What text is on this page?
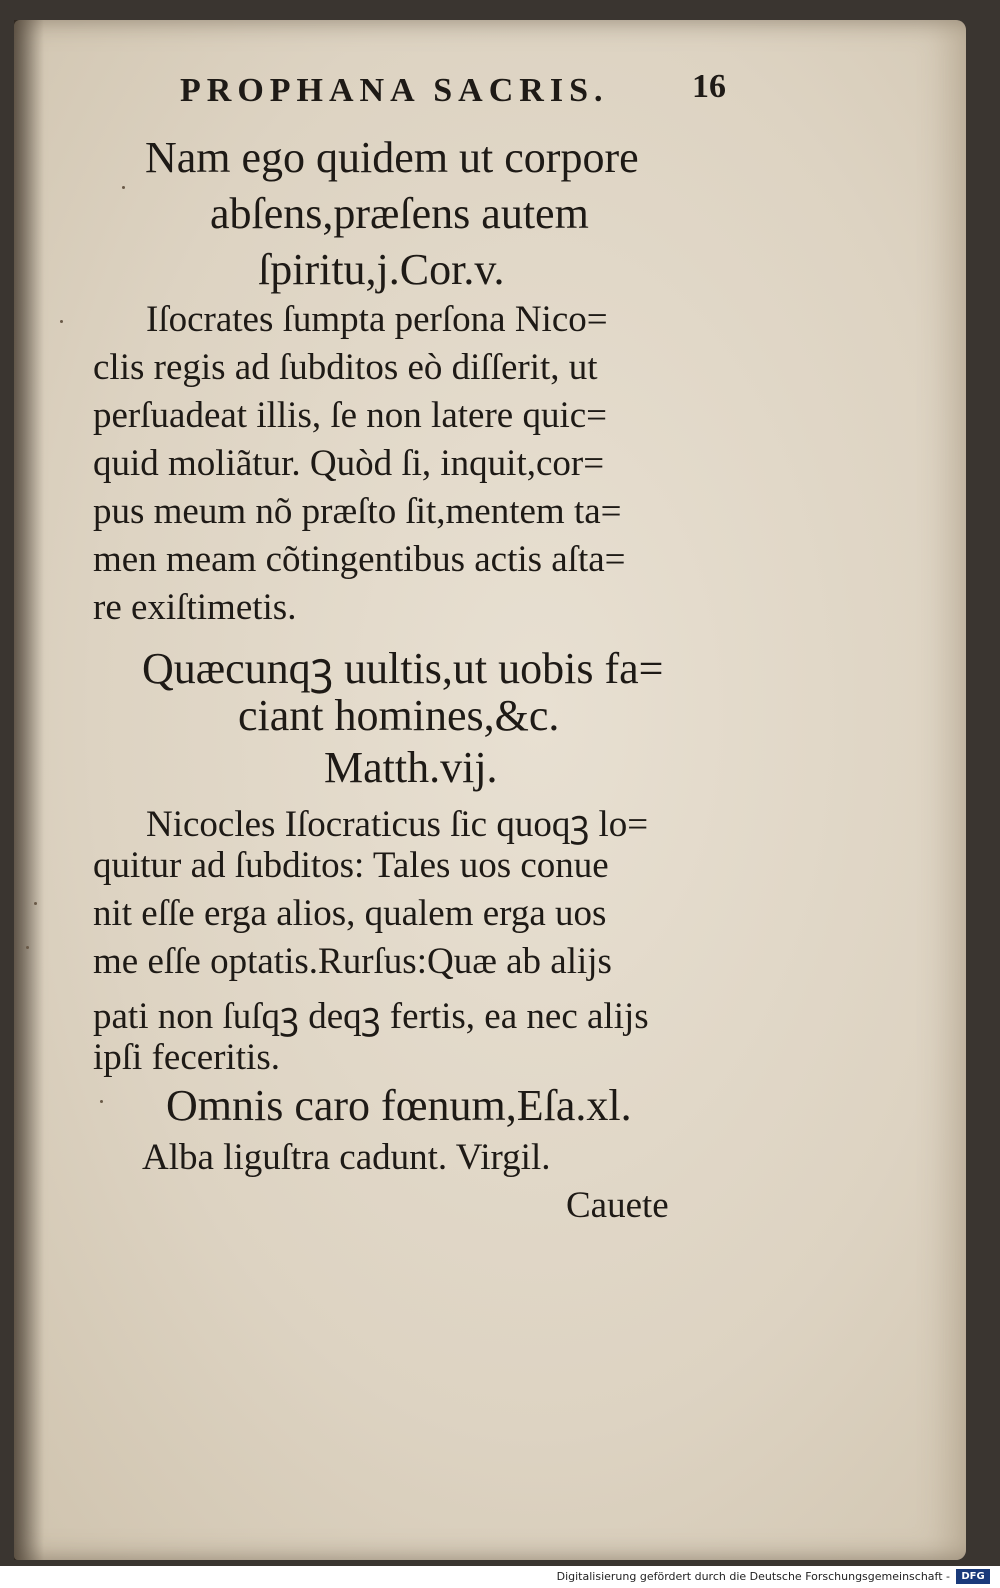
PROPHANA SACRIS. 16
Nam ego quidem ut corpore
abſens,præſens autem
ſpiritu,j.Cor.v.
Iſocrates ſumpta perſona Nico=
clis regis ad ſubditos eò diſſerit, ut
perſuadeat illis, ſe non latere quic=
quid moliãtur. Quòd ſi, inquit,cor=
pus meum nõ præſto ſit,mentem ta=
men meam cõtingentibus actis aſta=
re exiſtimetis.
Quæcunqꝫ uultis,ut uobis fa=
ciant homines,&c.
Matth.vij.
Nicocles Iſocraticus ſic quoqꝫ lo=
quitur ad ſubditos: Tales uos conue
nit eſſe erga alios, qualem erga uos
me eſſe optatis.Rurſus:Quæ ab alijs
pati non ſuſqꝫ deqꝫ fertis, ea nec alijs
ipſi feceritis.
Omnis caro fœnum,Eſa.xl.
Alba liguſtra cadunt. Virgil.
Cauete
Digitalisierung gefördert durch die Deutsche Forschungsgemeinschaft -	DFG
